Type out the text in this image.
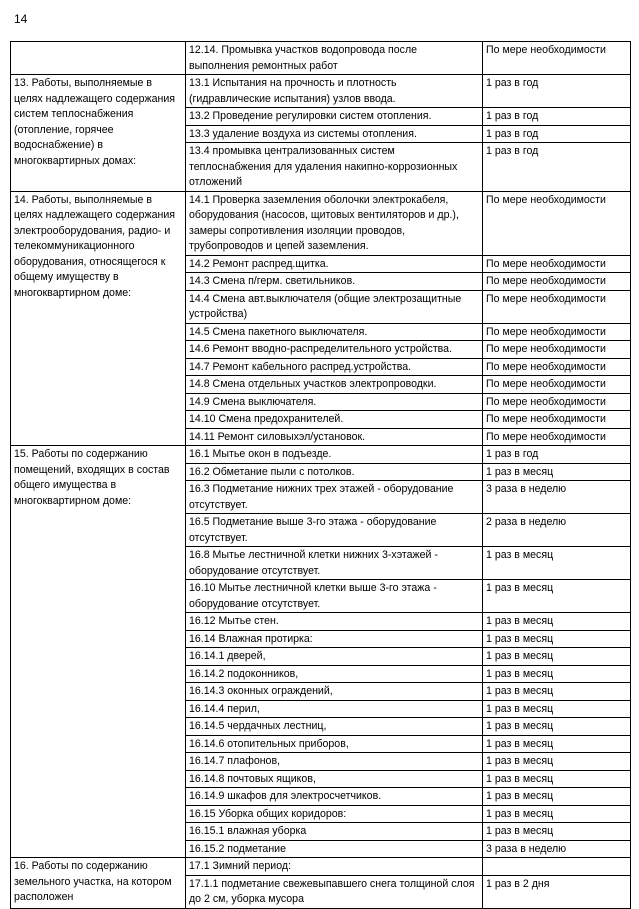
14
	12.14. Промывка участков водопровода после выполнения ремонтных работ	По мере необходимости
13. Работы, выполняемые в целях надлежащего содержания систем теплоснабжения (отопление, горячее водоснабжение) в многоквартирных домах:	13.1 Испытания на прочность и плотность (гидравлические испытания) узлов ввода.	1 раз в год
	13.2 Проведение регулировки систем отопления.	1 раз в год
	13.3 удаление воздуха из системы отопления.	1 раз в год
	13.4 промывка централизованных систем теплоснабжения для удаления накипно-коррозионных отложений	1 раз в год
14. Работы, выполняемые в целях надлежащего содержания электрооборудования, радио- и телекоммуникационного оборудования, относящегося к общему имуществу в многоквартирном доме:	14.1 Проверка заземления оболочки электрокабеля, оборудования (насосов, щитовых вентиляторов и др.), замеры сопротивления изоляции проводов, трубопроводов и цепей заземления.	По мере необходимости
	14.2 Ремонт распред.щитка.	По мере необходимости
	14.3 Смена п/герм. светильников.	По мере необходимости
	14.4 Смена авт.выключателя (общие электрозащитные устройства)	По мере необходимости
	14.5 Смена пакетного выключателя.	По мере необходимости
	14.6 Ремонт вводно-распределительного устройства.	По мере необходимости
	14.7 Ремонт кабельного распред.устройства.	По мере необходимости
	14.8 Смена отдельных участков электропроводки.	По мере необходимости
	14.9 Смена выключателя.	По мере необходимости
	14.10 Смена предохранителей.	По мере необходимости
	14.11 Ремонт силовыхэл/установок.	По мере необходимости
15. Работы по содержанию помещений, входящих в состав общего имущества в многоквартирном доме:	16.1 Мытье окон в подъезде.	1 раз в год
	16.2 Обметание пыли с потолков.	1 раз в месяц
	16.3 Подметание нижних трех этажей - оборудование отсутствует.	3 раза в неделю
	16.5 Подметание выше 3-го этажа - оборудование отсутствует.	2 раза в неделю
	16.8 Мытье лестничной клетки нижних 3-хэтажей - оборудование отсутствует.	1 раз в месяц
	16.10 Мытье лестничной клетки выше 3-го этажа - оборудование отсутствует.	1 раз в месяц
	16.12 Мытье стен.	1 раз в месяц
	16.14 Влажная протирка:	1 раз в месяц
	16.14.1 дверей,	1 раз в месяц
	16.14.2 подоконников,	1 раз в месяц
	16.14.3 оконных ограждений,	1 раз в месяц
	16.14.4 перил,	1 раз в месяц
	16.14.5 чердачных лестниц,	1 раз в месяц
	16.14.6 отопительных приборов,	1 раз в месяц
	16.14.7 плафонов,	1 раз в месяц
	16.14.8 почтовых ящиков,	1 раз в месяц
	16.14.9 шкафов для электросчетчиков.	1 раз в месяц
	16.15 Уборка общих коридоров:	1 раз в месяц
	16.15.1 влажная уборка	1 раз в месяц
	16.15.2 подметание	3 раза в неделю
16. Работы по содержанию земельного участка, на котором расположен	17.1 Зимний период:	
	17.1.1 подметание свежевыпавшего снега толщиной слоя до 2 см, уборка мусора	1 раз в 2 дня
